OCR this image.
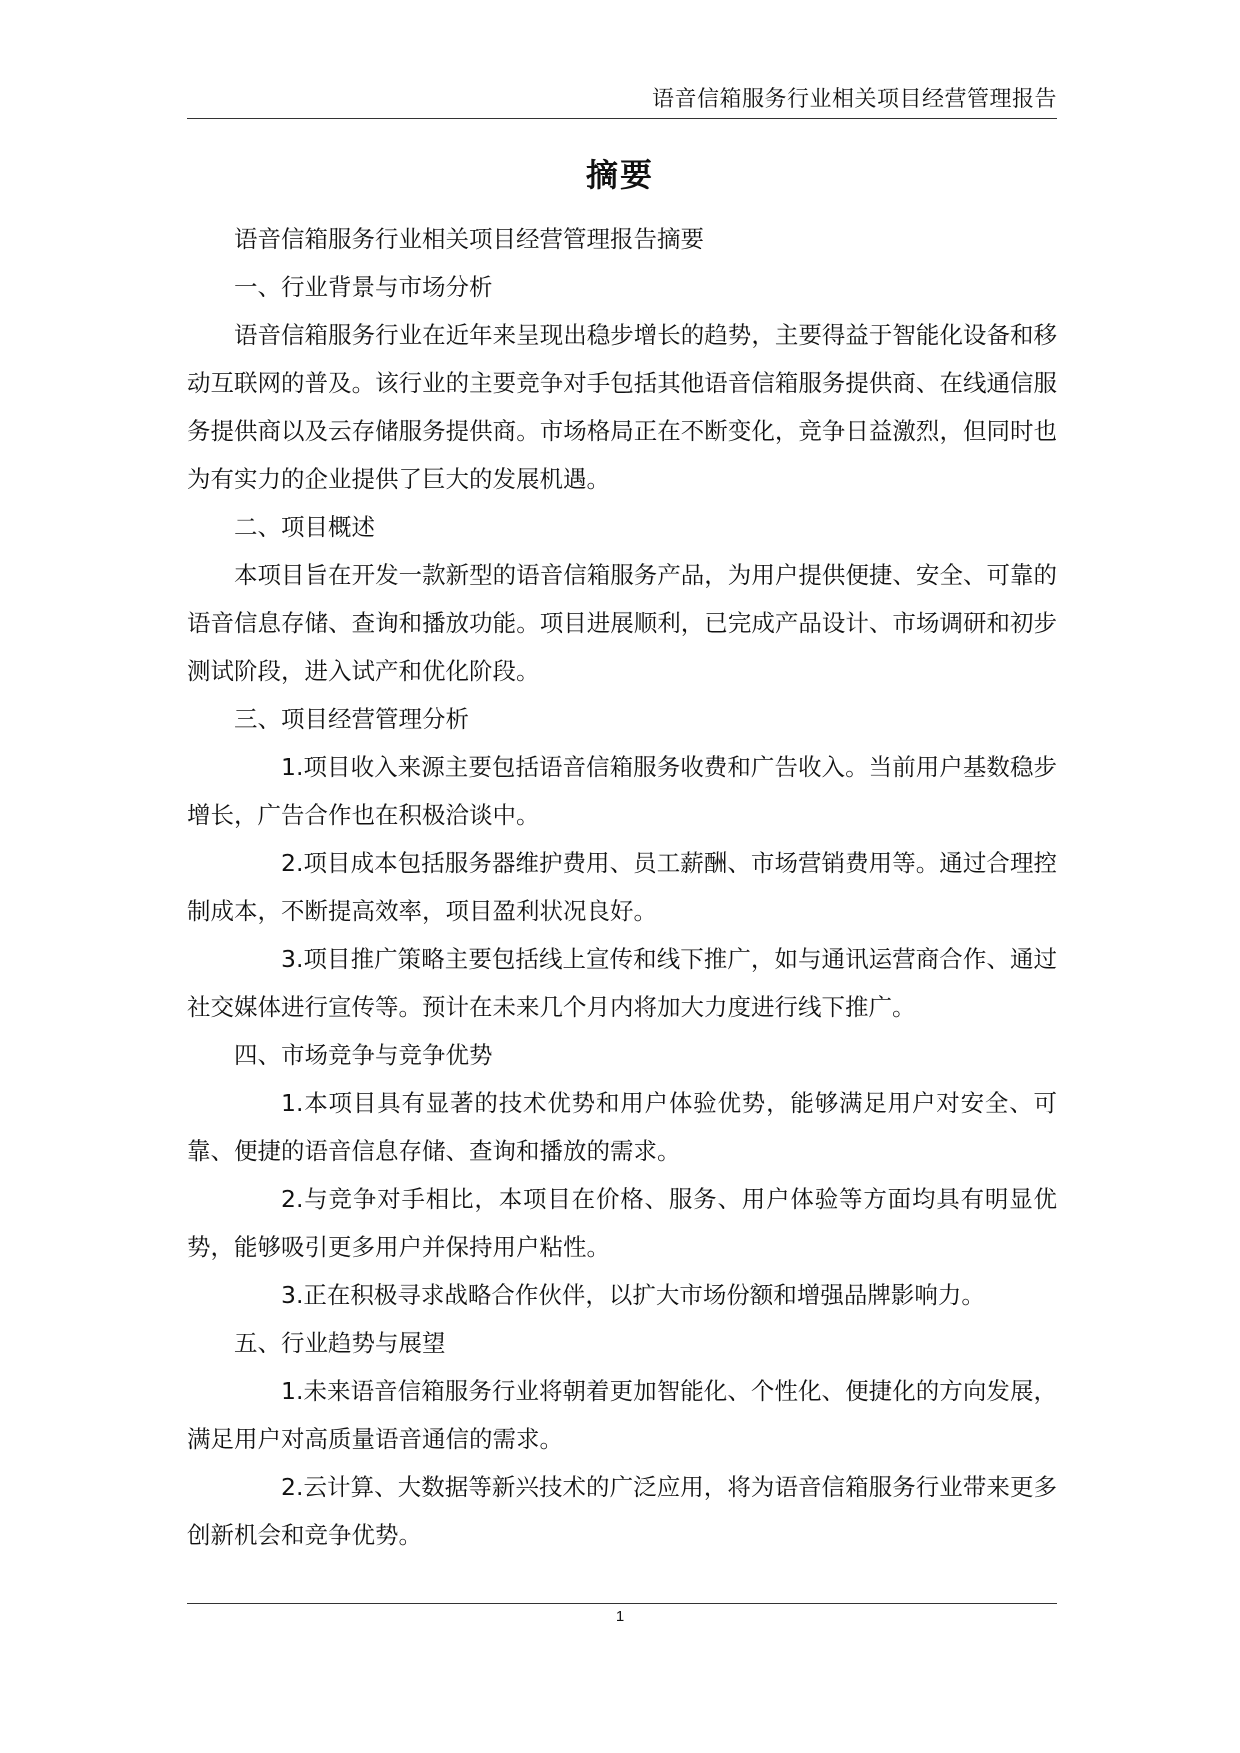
语音信箱服务行业相关项目经营管理报告
摘要

语音信箱服务行业相关项目经营管理报告摘要

一、行业背景与市场分析

语音信箱服务行业在近年来呈现出稳步增长的趋势，主要得益于智能化设备和移动互联网的普及。该行业的主要竞争对手包括其他语音信箱服务提供商、在线通信服务提供商以及云存储服务提供商。市场格局正在不断变化，竞争日益激烈，但同时也为有实力的企业提供了巨大的发展机遇。

二、项目概述

本项目旨在开发一款新型的语音信箱服务产品，为用户提供便捷、安全、可靠的语音信息存储、查询和播放功能。项目进展顺利，已完成产品设计、市场调研和初步测试阶段，进入试产和优化阶段。

三、项目经营管理分析

1.项目收入来源主要包括语音信箱服务收费和广告收入。当前用户基数稳步增长，广告合作也在积极洽谈中。

2.项目成本包括服务器维护费用、员工薪酬、市场营销费用等。通过合理控制成本，不断提高效率，项目盈利状况良好。

3.项目推广策略主要包括线上宣传和线下推广，如与通讯运营商合作、通过社交媒体进行宣传等。预计在未来几个月内将加大力度进行线下推广。

四、市场竞争与竞争优势

1.本项目具有显著的技术优势和用户体验优势，能够满足用户对安全、可靠、便捷的语音信息存储、查询和播放的需求。

2.与竞争对手相比，本项目在价格、服务、用户体验等方面均具有明显优势，能够吸引更多用户并保持用户粘性。

3.正在积极寻求战略合作伙伴，以扩大市场份额和增强品牌影响力。

五、行业趋势与展望

1.未来语音信箱服务行业将朝着更加智能化、个性化、便捷化的方向发展，满足用户对高质量语音通信的需求。

2.云计算、大数据等新兴技术的广泛应用，将为语音信箱服务行业带来更多创新机会和竞争优势。

1
